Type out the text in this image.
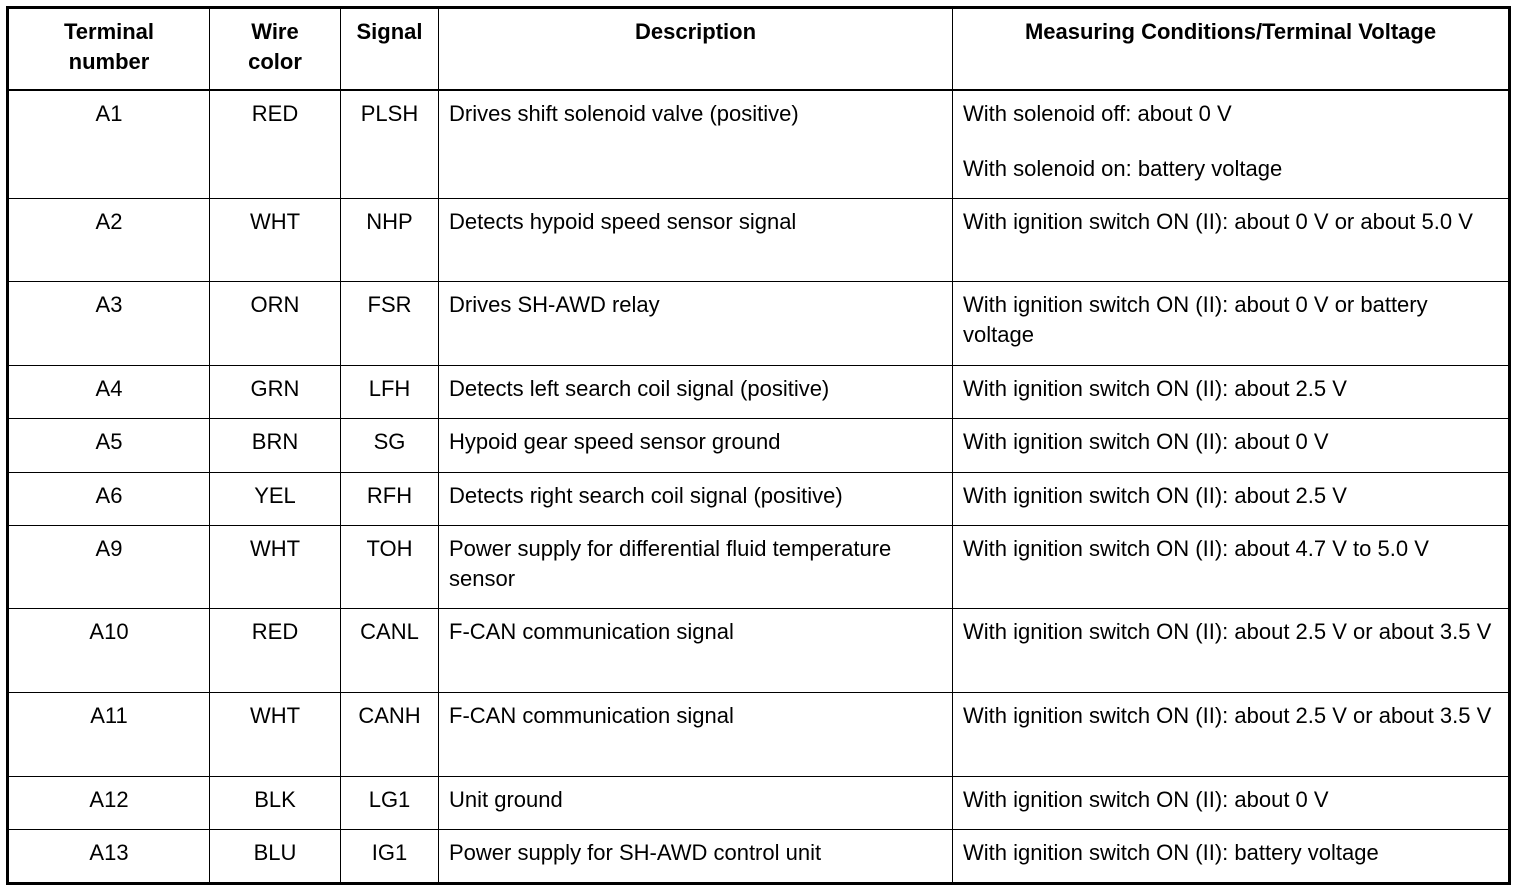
Terminal number	Wire color	Signal	Description	Measuring Conditions/Terminal Voltage
A1	RED	PLSH	Drives shift solenoid valve (positive)	With solenoid off: about 0 V
With solenoid on: battery voltage

A2	WHT	NHP	Detects hypoid speed sensor signal	With ignition switch ON (II): about 0 V or about 5.0 V
A3	ORN	FSR	Drives SH-AWD relay	With ignition switch ON (II): about 0 V or battery voltage
A4	GRN	LFH	Detects left search coil signal (positive)	With ignition switch ON (II): about 2.5 V
A5	BRN	SG	Hypoid gear speed sensor ground	With ignition switch ON (II): about 0 V
A6	YEL	RFH	Detects right search coil signal (positive)	With ignition switch ON (II): about 2.5 V
A9	WHT	TOH	Power supply for differential fluid temperature sensor	With ignition switch ON (II): about 4.7 V to 5.0 V
A10	RED	CANL	F-CAN communication signal	With ignition switch ON (II): about 2.5 V or about 3.5 V
A11	WHT	CANH	F-CAN communication signal	With ignition switch ON (II): about 2.5 V or about 3.5 V
A12	BLK	LG1	Unit ground	With ignition switch ON (II): about 0 V
A13	BLU	IG1	Power supply for SH-AWD control unit	With ignition switch ON (II): battery voltage
